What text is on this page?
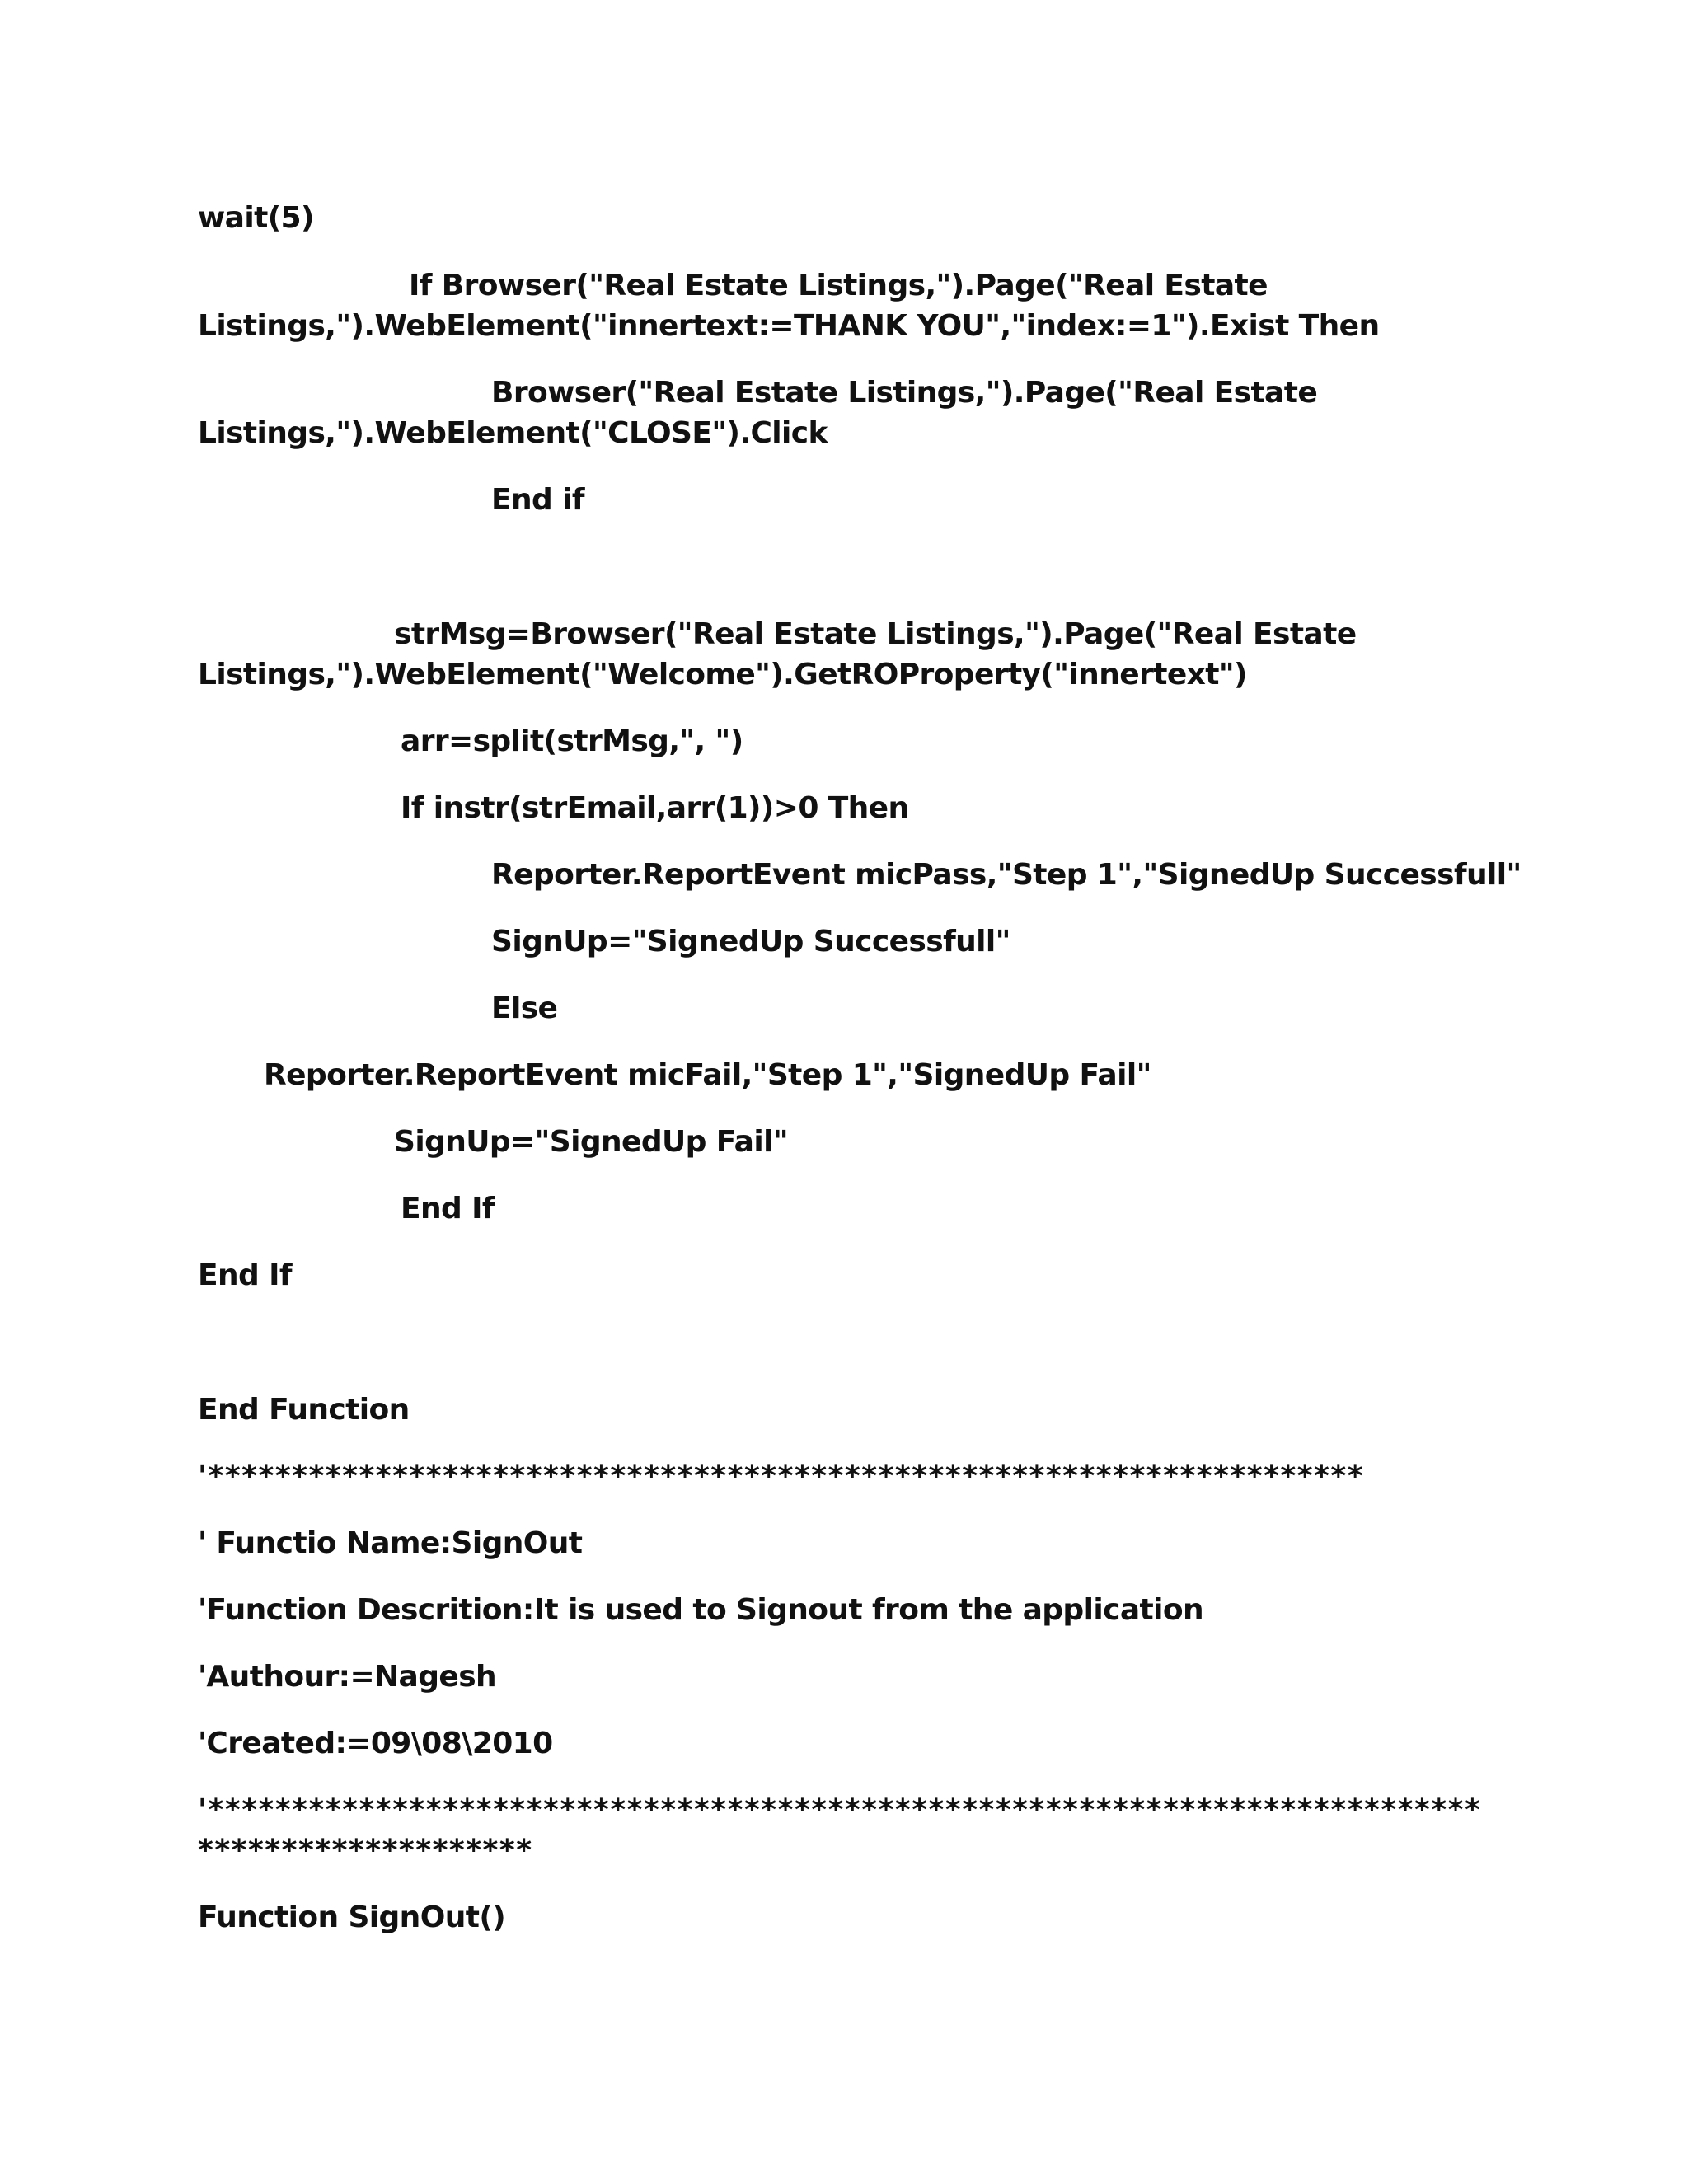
wait(5)
If Browser("Real Estate Listings,").Page("Real Estate
Listings,").WebElement("innertext:=THANK YOU","index:=1").Exist Then
Browser("Real Estate Listings,").Page("Real Estate
Listings,").WebElement("CLOSE").Click
End if
strMsg=Browser("Real Estate Listings,").Page("Real Estate
Listings,").WebElement("Welcome").GetROProperty("innertext")
arr=split(strMsg,", ")
If instr(strEmail,arr(1))>0 Then
Reporter.ReportEvent micPass,"Step 1","SignedUp Successfull"
SignUp="SignedUp Successfull"
Else
Reporter.ReportEvent micFail,"Step 1","SignedUp Fail"
SignUp="SignedUp Fail"
End If
End If
End Function
'*********************************************************************
' Functio Name:SignOut
'Function Descrition:It is used to Signout from the application
'Authour:=Nagesh
'Created:=09\08\2010
'****************************************************************************
********************
Function SignOut()
